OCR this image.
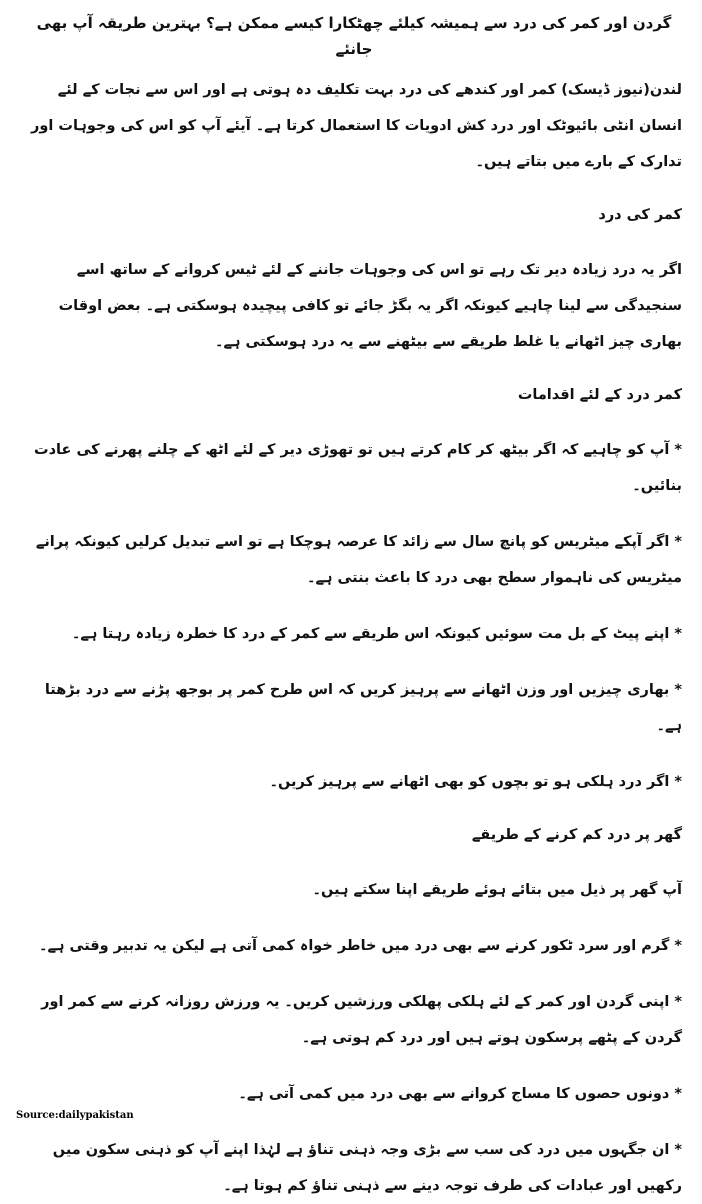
گردن اور کمر کی درد سے ہمیشہ کیلئے چھٹکارا کیسے ممکن ہے؟ بہترین طریقہ آپ بھی جانئے
لندن(نیوز ڈیسک) کمر اور کندھے کی درد بہت تکلیف دہ ہوتی ہے اور اس سے نجات کے لئے انسان انٹی بائیوٹک اور درد کش ادویات کا استعمال کرتا ہے۔ آیئے آپ کو اس کی وجوہات اور تدارک کے بارے میں بتاتے ہیں۔
کمر کی درد
اگر یہ درد زیادہ دیر تک رہے تو اس کی وجوہات جاننے کے لئے ٹیس کروانے کے ساتھ اسے سنجیدگی سے لینا چاہیے کیونکہ اگر یہ بگڑ جائے تو کافی پیچیدہ ہوسکتی ہے۔ بعض اوقات بھاری چیز اٹھانے یا غلط طریقے سے بیٹھنے سے یہ درد ہوسکتی ہے۔
کمر درد کے لئے اقدامات
* آپ کو چاہیے کہ اگر بیٹھ کر کام کرتے ہیں تو تھوڑی دیر کے لئے اٹھ کے چلنے پھرنے کی عادت بنائیں۔
* اگر آپکے میٹریس کو پانچ سال سے زائد کا عرصہ ہوچکا ہے تو اسے تبدیل کرلیں کیونکہ پرانے میٹریس کی ناہموار سطح بھی درد کا باعث بنتی ہے۔
* اپنے پیٹ کے بل مت سوئیں کیونکہ اس طریقے سے کمر کے درد کا خطرہ زیادہ رہتا ہے۔
* بھاری چیزیں اور وزن اٹھانے سے پرہیز کریں کہ اس طرح کمر پر بوجھ پڑنے سے درد بڑھتا ہے۔
* اگر درد ہلکی ہو تو بچوں کو بھی اٹھانے سے پرہیز کریں۔
گھر پر درد کم کرنے کے طریقے
آپ گھر پر ذیل میں بتائے ہوئے طریقے اپنا سکتے ہیں۔
* گرم اور سرد ٹکور کرنے سے بھی درد میں خاطر خواہ کمی آتی ہے لیکن یہ تدبیر وقتی ہے۔
* اپنی گردن اور کمر کے لئے ہلکی پھلکی ورزشیں کریں۔ یہ ورزش روزانہ کرنے سے کمر اور گردن کے پٹھے پرسکون ہوتے ہیں اور درد کم ہوتی ہے۔
* دونوں حصوں کا مساج کروانے سے بھی درد میں کمی آتی ہے۔
* ان جگہوں میں درد کی سب سے بڑی وجہ ذہنی تناؤ ہے لہٰذا اپنے آپ کو ذہنی سکون میں رکھیں اور عبادات کی طرف توجہ دینے سے ذہنی تناؤ کم ہوتا ہے۔
Source:dailypakistan
